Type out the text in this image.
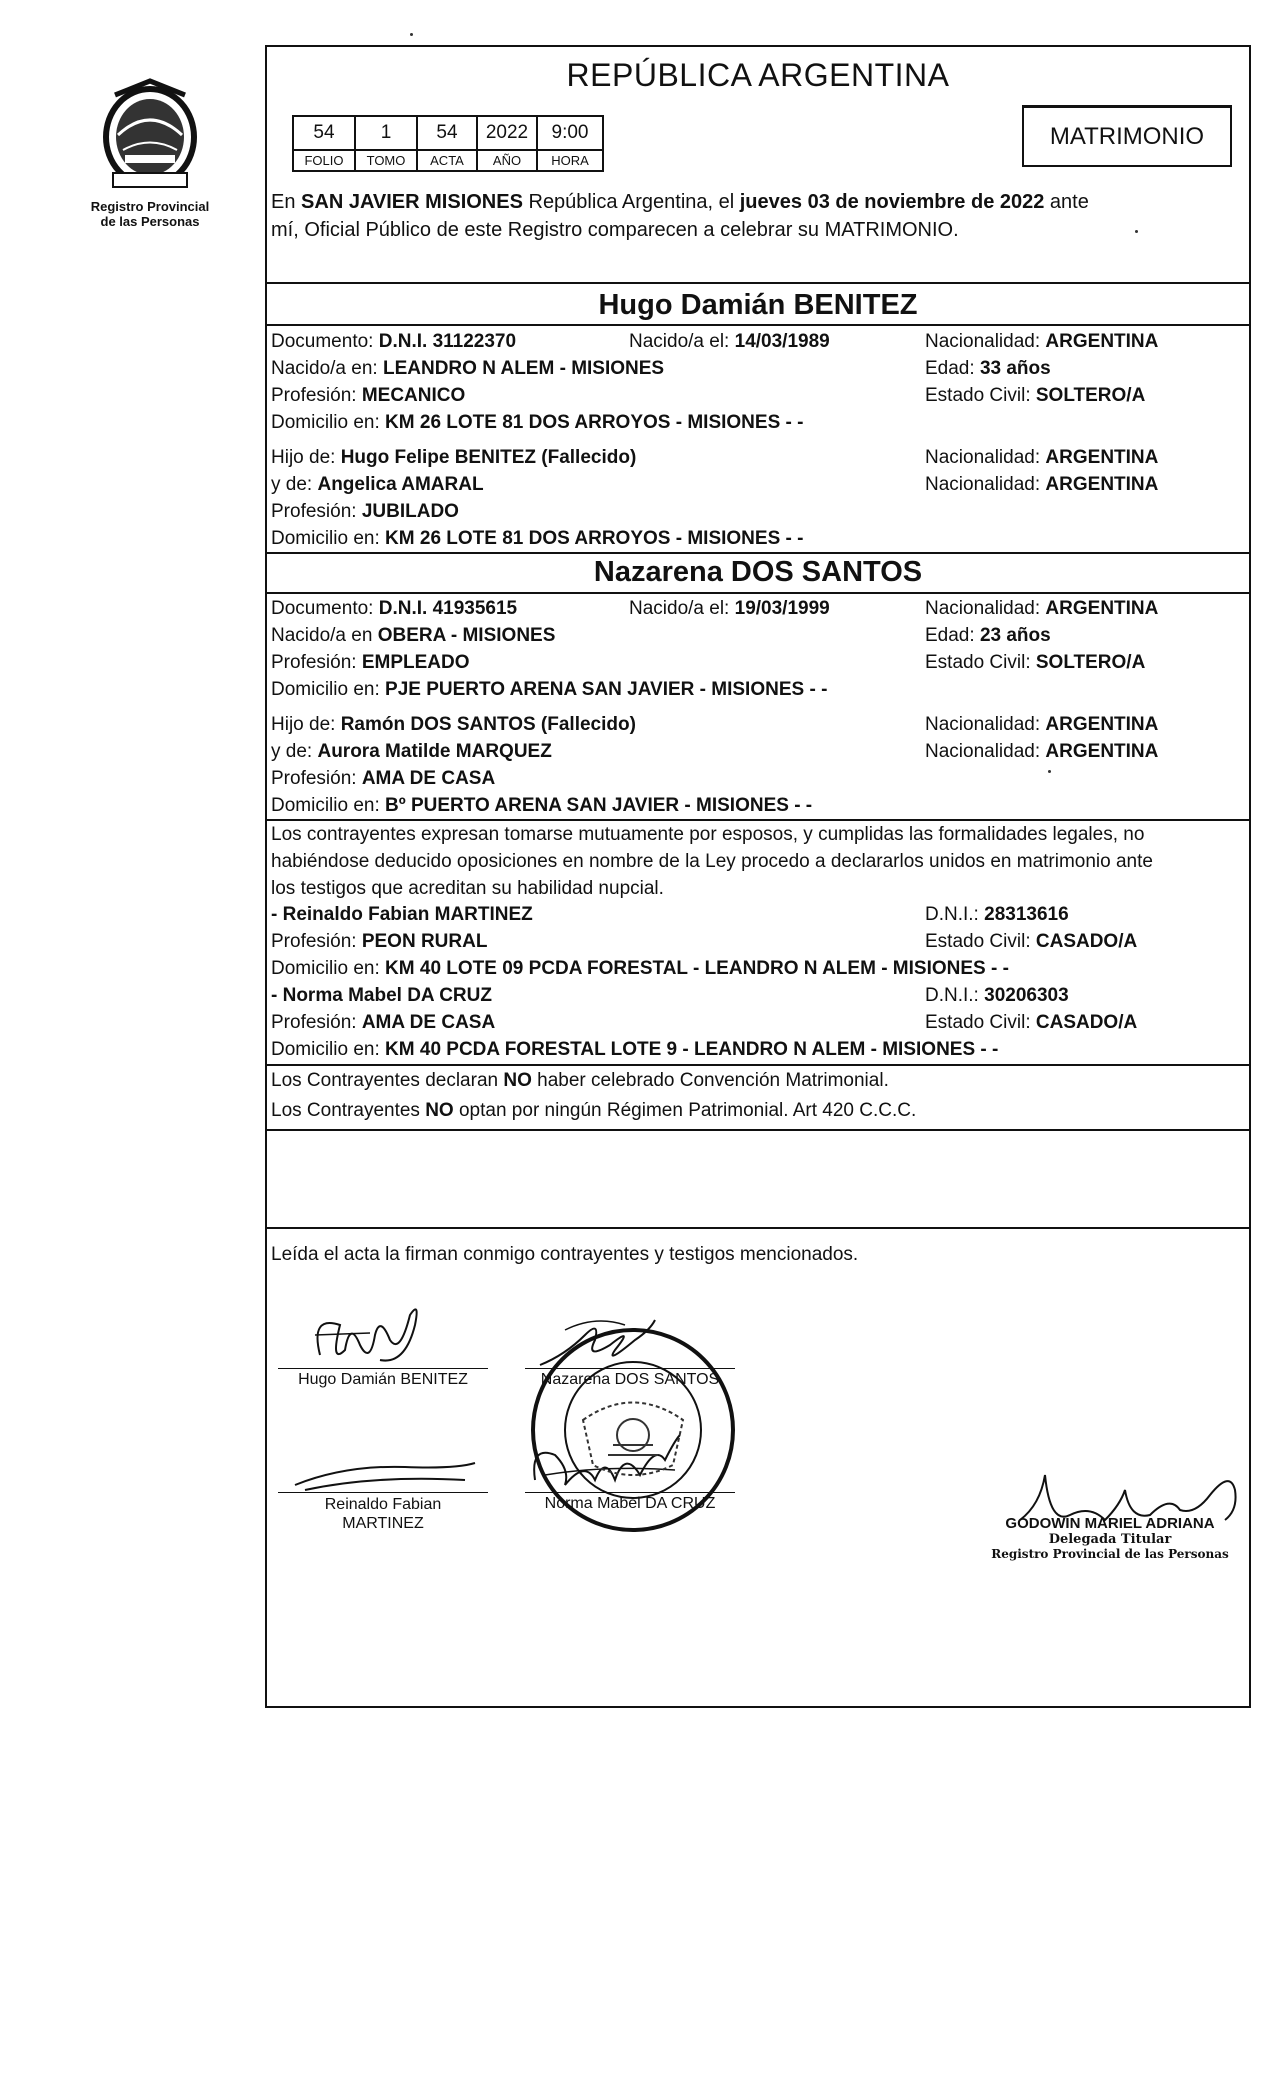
Registro Provincial
de las Personas
REPÚBLICA ARGENTINA
54	1	54	2022	9:00
FOLIO	TOMO	ACTA	AÑO	HORA
MATRIMONIO
En SAN JAVIER MISIONES República Argentina, el jueves 03 de noviembre de 2022 ante
mí, Oficial Público de este Registro comparecen a celebrar su MATRIMONIO.
Hugo Damián BENITEZ
Documento: D.N.I. 31122370	Nacido/a el: 14/03/1989	Nacionalidad: ARGENTINA
Nacido/a en: LEANDRO N ALEM - MISIONES	Edad: 33 años
Profesión: MECANICO	Estado Civil: SOLTERO/A
Domicilio en: KM 26 LOTE 81 DOS ARROYOS - MISIONES - -
Hijo de: Hugo Felipe BENITEZ (Fallecido)	Nacionalidad: ARGENTINA
y de: Angelica AMARAL	Nacionalidad: ARGENTINA
Profesión: JUBILADO
Domicilio en: KM 26 LOTE 81 DOS ARROYOS - MISIONES - -
Nazarena DOS SANTOS
Documento: D.N.I. 41935615	Nacido/a el: 19/03/1999	Nacionalidad: ARGENTINA
Nacido/a en OBERA - MISIONES	Edad: 23 años
Profesión: EMPLEADO	Estado Civil: SOLTERO/A
Domicilio en: PJE PUERTO ARENA SAN JAVIER - MISIONES - -
Hijo de: Ramón DOS SANTOS (Fallecido)	Nacionalidad: ARGENTINA
y de: Aurora Matilde MARQUEZ	Nacionalidad: ARGENTINA
Profesión: AMA DE CASA
Domicilio en: Bº PUERTO ARENA SAN JAVIER - MISIONES - -
Los contrayentes expresan tomarse mutuamente por esposos, y cumplidas las formalidades legales, no
habiéndose deducido oposiciones en nombre de la Ley procedo a declararlos unidos en matrimonio ante
los testigos que acreditan su habilidad nupcial.
- Reinaldo Fabian MARTINEZ	D.N.I.: 28313616
Profesión: PEON RURAL	Estado Civil: CASADO/A
Domicilio en: KM 40 LOTE 09 PCDA FORESTAL - LEANDRO N ALEM - MISIONES - -
- Norma Mabel DA CRUZ	D.N.I.: 30206303
Profesión: AMA DE CASA	Estado Civil: CASADO/A
Domicilio en: KM 40 PCDA FORESTAL LOTE 9 - LEANDRO N ALEM - MISIONES - -
Los Contrayentes declaran NO haber celebrado Convención Matrimonial.
Los Contrayentes NO optan por ningún Régimen Patrimonial. Art 420 C.C.C.
Leída el acta la firman conmigo contrayentes y testigos mencionados.
Hugo Damián BENITEZ	Nazarena DOS SANTOS
Reinaldo Fabian
MARTINEZ
Norma Mabel DA CRUZ
GODOWIN MARIEL ADRIANA
Delegada Titular
Registro Provincial de las Personas
